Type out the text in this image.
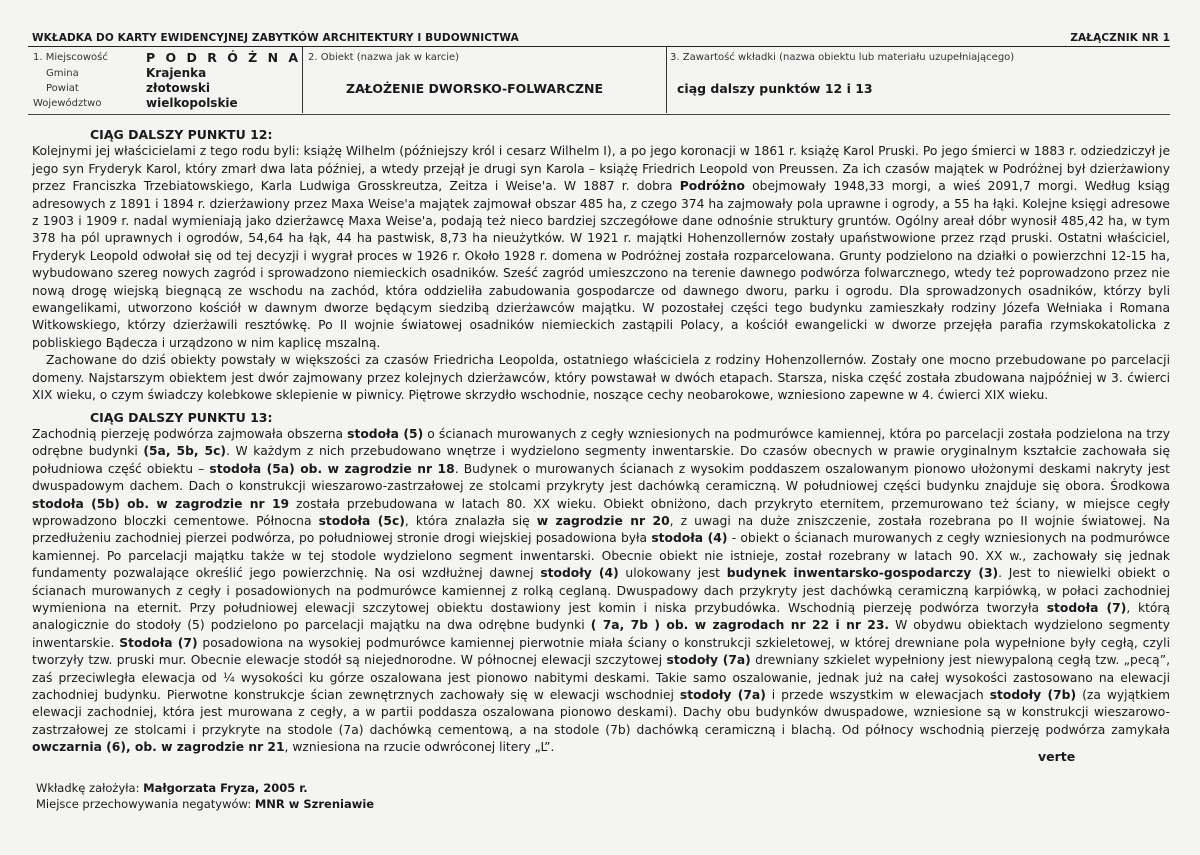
WKŁADKA DO KARTY EWIDENCYJNEJ ZABYTKÓW ARCHITEKTURY I BUDOWNICTWA	ZAŁĄCZNIK NR 1
1. Miejscowość	P O D R Ó Ż N A
Gmina	Krajenka
Powiat	złotowski
Województwo	wielkopolskie
2. Obiekt (nazwa jak w karcie)
ZAŁOŻENIE DWORSKO-FOLWARCZNE
3. Zawartość wkładki (nazwa obiektu lub materiału uzupełniającego)
ciąg dalszy punktów 12 i 13

CIĄG DALSZY PUNKTU 12:

Kolejnymi jej właścicielami z tego rodu byli: książę Wilhelm (późniejszy król i cesarz Wilhelm I), a po jego koronacji w 1861 r. książę Karol Pruski. Po jego śmierci w 1883 r. odziedziczył je jego syn Fryderyk Karol, który zmarł dwa lata później, a wtedy przejął je drugi syn Karola – książę Friedrich Leopold von Preussen. Za ich czasów majątek w Podróżnej był dzierżawiony przez Franciszka Trzebiatowskiego, Karla Ludwiga Grosskreutza, Zeitza i Weise'a. W 1887 r. dobra Podróżno obejmowały 1948,33 morgi, a wieś 2091,7 morgi. Według ksiąg adresowych z 1891 i 1894 r. dzierżawiony przez Maxa Weise'a majątek zajmował obszar 485 ha, z czego 374 ha zajmowały pola uprawne i ogrody, a 55 ha łąki. Kolejne księgi adresowe z 1903 i 1909 r. nadal wymieniają jako dzierżawcę Maxa Weise'a, podają też nieco bardziej szczegółowe dane odnośnie struktury gruntów. Ogólny areał dóbr wynosił 485,42 ha, w tym 378 ha pól uprawnych i ogrodów, 54,64 ha łąk, 44 ha pastwisk, 8,73 ha nieużytków. W 1921 r. majątki Hohenzollernów zostały upaństwowione przez rząd pruski. Ostatni właściciel, Fryderyk Leopold odwołał się od tej decyzji i wygrał proces w 1926 r. Około 1928 r. domena w Podróżnej została rozparcelowana. Grunty podzielono na działki o powierzchni 12-15 ha, wybudowano szereg nowych zagród i sprowadzono niemieckich osadników. Sześć zagród umieszczono na terenie dawnego podwórza folwarcznego, wtedy też poprowadzono przez nie nową drogę wiejską biegnącą ze wschodu na zachód, która oddzieliła zabudowania gospodarcze od dawnego dworu, parku i ogrodu. Dla sprowadzonych osadników, którzy byli ewangelikami, utworzono kościół w dawnym dworze będącym siedzibą dzierżawców majątku. W pozostałej części tego budynku zamieszkały rodziny Józefa Wełniaka i Romana Witkowskiego, którzy dzierżawili resztówkę. Po II wojnie światowej osadników niemieckich zastąpili Polacy, a kościół ewangelicki w dworze przejęła parafia rzymskokatolicka z pobliskiego Bądecza i urządzono w nim kaplicę mszalną.

Zachowane do dziś obiekty powstały w większości za czasów Friedricha Leopolda, ostatniego właściciela z rodziny Hohenzollernów. Zostały one mocno przebudowane po parcelacji domeny. Najstarszym obiektem jest dwór zajmowany przez kolejnych dzierżawców, który powstawał w dwóch etapach. Starsza, niska część została zbudowana najpóźniej w 3. ćwierci XIX wieku, o czym świadczy kolebkowe sklepienie w piwnicy. Piętrowe skrzydło wschodnie, noszące cechy neobarokowe, wzniesiono zapewne w 4. ćwierci XIX wieku.

CIĄG DALSZY PUNKTU 13:

Zachodnią pierzeję podwórza zajmowała obszerna stodoła (5) o ścianach murowanych z cegły wzniesionych na podmurówce kamiennej, która po parcelacji została podzielona na trzy odrębne budynki (5a, 5b, 5c). W każdym z nich przebudowano wnętrze i wydzielono segmenty inwentarskie. Do czasów obecnych w prawie oryginalnym kształcie zachowała się południowa część obiektu – stodoła (5a) ob. w zagrodzie nr 18. Budynek o murowanych ścianach z wysokim poddaszem oszalowanym pionowo ułożonymi deskami nakryty jest dwuspadowym dachem. Dach o konstrukcji wieszarowo-zastrzałowej ze stolcami przykryty jest dachówką ceramiczną. W południowej części budynku znajduje się obora. Środkowa stodoła (5b) ob. w zagrodzie nr 19 została przebudowana w latach 80. XX wieku. Obiekt obniżono, dach przykryto eternitem, przemurowano też ściany, w miejsce cegły wprowadzono bloczki cementowe. Północna stodoła (5c), która znalazła się w zagrodzie nr 20, z uwagi na duże zniszczenie, została rozebrana po II wojnie światowej. Na przedłużeniu zachodniej pierzei podwórza, po południowej stronie drogi wiejskiej posadowiona była stodoła (4) - obiekt o ścianach murowanych z cegły wzniesionych na podmurówce kamiennej. Po parcelacji majątku także w tej stodole wydzielono segment inwentarski. Obecnie obiekt nie istnieje, został rozebrany w latach 90. XX w., zachowały się jednak fundamenty pozwalające określić jego powierzchnię. Na osi wzdłużnej dawnej stodoły (4) ulokowany jest budynek inwentarsko-gospodarczy (3). Jest to niewielki obiekt o ścianach murowanych z cegły i posadowionych na podmurówce kamiennej z rolką ceglaną. Dwuspadowy dach przykryty jest dachówką ceramiczną karpiówką, w połaci zachodniej wymieniona na eternit. Przy południowej elewacji szczytowej obiektu dostawiony jest komin i niska przybudówka. Wschodnią pierzeję podwórza tworzyła stodoła (7), którą analogicznie do stodoły (5) podzielono po parcelacji majątku na dwa odrębne budynki ( 7a, 7b ) ob. w zagrodach nr 22 i nr 23. W obydwu obiektach wydzielono segmenty inwentarskie. Stodoła (7) posadowiona na wysokiej podmurówce kamiennej pierwotnie miała ściany o konstrukcji szkieletowej, w której drewniane pola wypełnione były cegłą, czyli tworzyły tzw. pruski mur. Obecnie elewacje stodół są niejednorodne. W północnej elewacji szczytowej stodoły (7a) drewniany szkielet wypełniony jest niewypaloną cegłą tzw. „pecą”, zaś przeciwległa elewacja od ¼ wysokości ku górze oszalowana jest pionowo nabitymi deskami. Takie samo oszalowanie, jednak już na całej wysokości zastosowano na elewacji zachodniej budynku. Pierwotne konstrukcje ścian zewnętrznych zachowały się w elewacji wschodniej stodoły (7a) i przede wszystkim w elewacjach stodoły (7b) (za wyjątkiem elewacji zachodniej, która jest murowana z cegły, a w partii poddasza oszalowana pionowo deskami). Dachy obu budynków dwuspadowe, wzniesione są w konstrukcji wieszarowo-zastrzałowej ze stolcami i przykryte na stodole (7a) dachówką cementową, a na stodole (7b) dachówką ceramiczną i blachą. Od północy wschodnią pierzeję podwórza zamykała owczarnia (6), ob. w zagrodzie nr 21, wzniesiona na rzucie odwróconej litery „L”.

verte
Wkładkę założyła: Małgorzata Fryza, 2005 r.
Miejsce przechowywania negatywów: MNR w Szreniawie
